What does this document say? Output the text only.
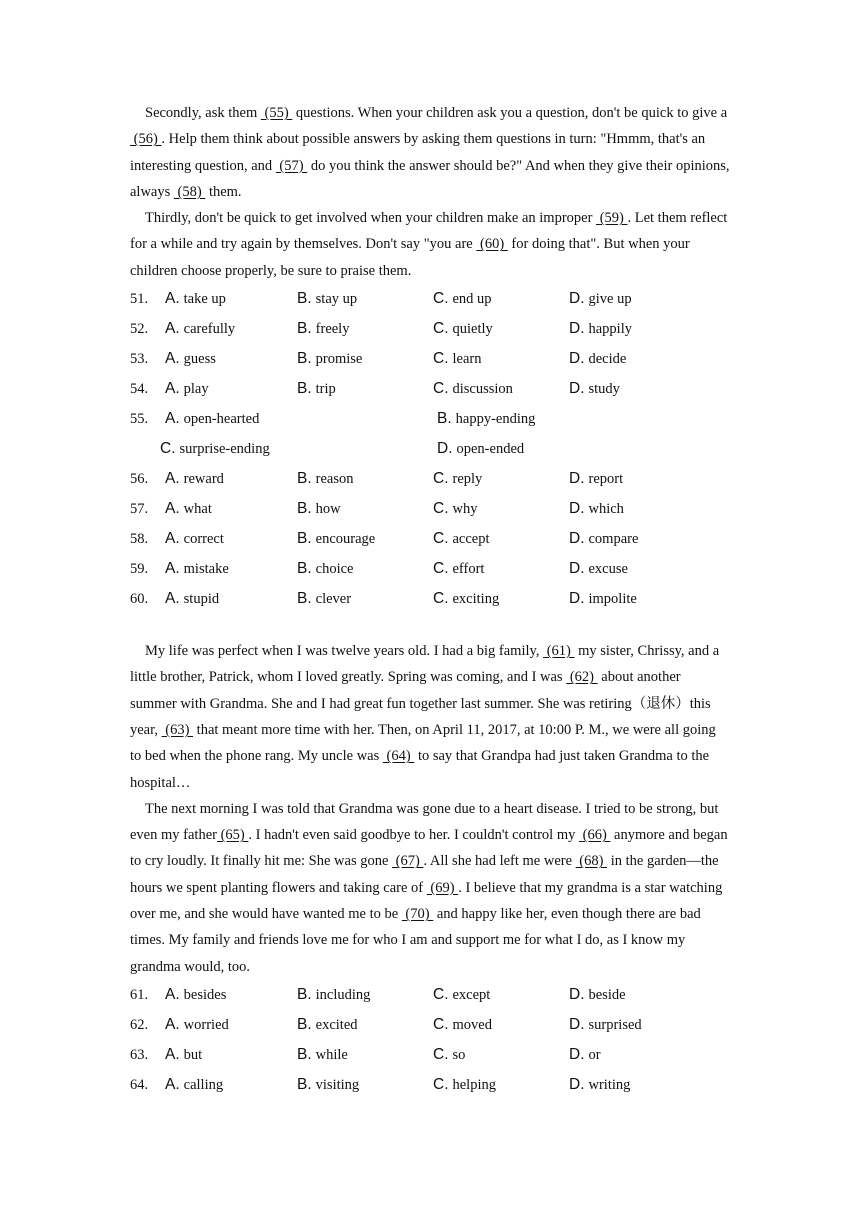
Secondly, ask them  (55)  questions. When your children ask you a question, don't be quick to give a  (56) . Help them think about possible answers by asking them questions in turn: "Hmmm, that's an interesting question, and  (57)  do you think the answer should be?" And when they give their opinions, always  (58)  them.

Thirdly, don't be quick to get involved when your children make an improper  (59) . Let them reflect for a while and try again by themselves. Don't say "you are  (60)  for doing that". But when your children choose properly, be sure to praise them.

51.	A. take up	B. stay up	C. end up	D. give up
52.	A. carefully	B. freely	C. quietly	D. happily
53.	A. guess	B. promise	C. learn	D. decide
54.	A. play	B. trip	C. discussion	D. study
55.	A. open-hearted	B. happy-ending
C. surprise-ending	D. open-ended
56.	A. reward	B. reason	C. reply	D. report
57.	A. what	B. how	C. why	D. which
58.	A. correct	B. encourage	C. accept	D. compare
59.	A. mistake	B. choice	C. effort	D. excuse
60.	A. stupid	B. clever	C. exciting	D. impolite

My life was perfect when I was twelve years old. I had a big family,  (61)  my sister, Chrissy, and a little brother, Patrick, whom I loved greatly. Spring was coming, and I was  (62)  about another summer with Grandma. She and I had great fun together last summer. She was retiring（退休）this year,  (63)  that meant more time with her. Then, on April 11, 2017, at 10:00 P. M., we were all going to bed when the phone rang. My uncle was  (64)  to say that Grandpa had just taken Grandma to the hospital…

The next morning I was told that Grandma was gone due to a heart disease. I tried to be strong, but even my father (65) . I hadn't even said goodbye to her. I couldn't control my  (66)  anymore and began to cry loudly. It finally hit me: She was gone  (67) . All she had left me were  (68)  in the garden—the hours we spent planting flowers and taking care of  (69) . I believe that my grandma is a star watching over me, and she would have wanted me to be  (70)  and happy like her, even though there are bad times. My family and friends love me for who I am and support me for what I do, as I know my grandma would, too.

61.	A. besides	B. including	C. except	D. beside
62.	A. worried	B. excited	C. moved	D. surprised
63.	A. but	B. while	C. so	D. or
64.	A. calling	B. visiting	C. helping	D. writing
